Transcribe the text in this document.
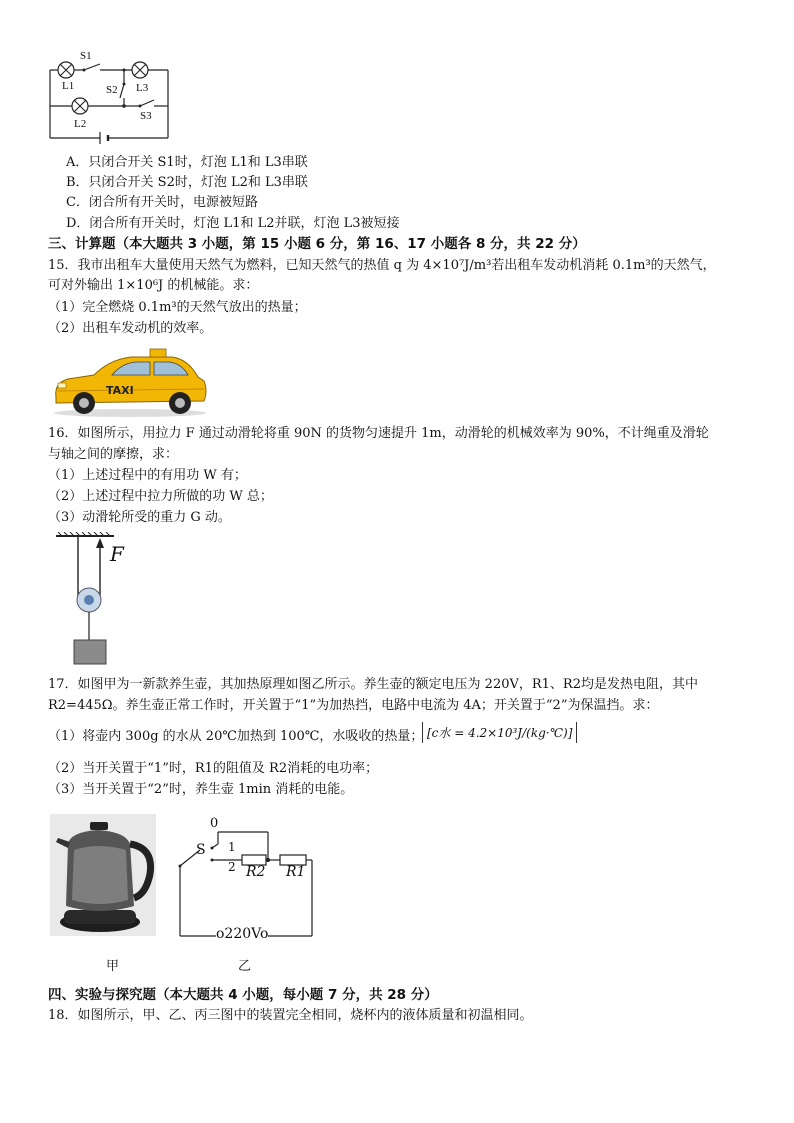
S1
L1	S2 L3
L2
S3
A．只闭合开关 S1时，灯泡 L1和 L3串联
B．只闭合开关 S2时，灯泡 L2和 L3串联
C．闭合所有开关时，电源被短路
D．闭合所有开关时，灯泡 L1和 L2并联，灯泡 L3被短接
三、计算题（本大题共 3 小题，第 15 小题 6 分，第 16、17 小题各 8 分，共 22 分）
15．我市出租车大量使用天然气为燃料，已知天然气的热值 q 为 4×10⁷J/m³若出租车发动机消耗 0.1m³的天然气，
可对外输出 1×10⁶J 的机械能。求：
（1）完全燃烧 0.1m³的天然气放出的热量；
（2）出租车发动机的效率。
TAXI
16．如图所示，用拉力 F 通过动滑轮将重 90N 的货物匀速提升 1m，动滑轮的机械效率为 90%，不计绳重及滑轮
与轴之间的摩擦，求：
（1）上述过程中的有用功 W 有；
（2）上述过程中拉力所做的功 W 总；
（3）动滑轮所受的重力 G 动。
F
17．如图甲为一新款养生壶，其加热原理如图乙所示。养生壶的额定电压为 220V，R1、R2均是发热电阻，其中
R2=445Ω。养生壶正常工作时，开关置于“1”为加热挡，电路中电流为 4A；开关置于“2”为保温挡。求：
（1）将壶内 300g 的水从 20℃加热到 100℃，水吸收的热量； [c水 = 4.2×10³J/(kg·℃)]
（2）当开关置于“1”时，R1的阻值及 R2消耗的电功率；
（3）当开关置于“2”时，养生壶 1min 消耗的电能。
0
S 1
2 R2 R1
o220Vo
甲	乙
四、实验与探究题（本大题共 4 小题，每小题 7 分，共 28 分）
18．如图所示，甲、乙、丙三图中的装置完全相同，烧杯内的液体质量和初温相同。
